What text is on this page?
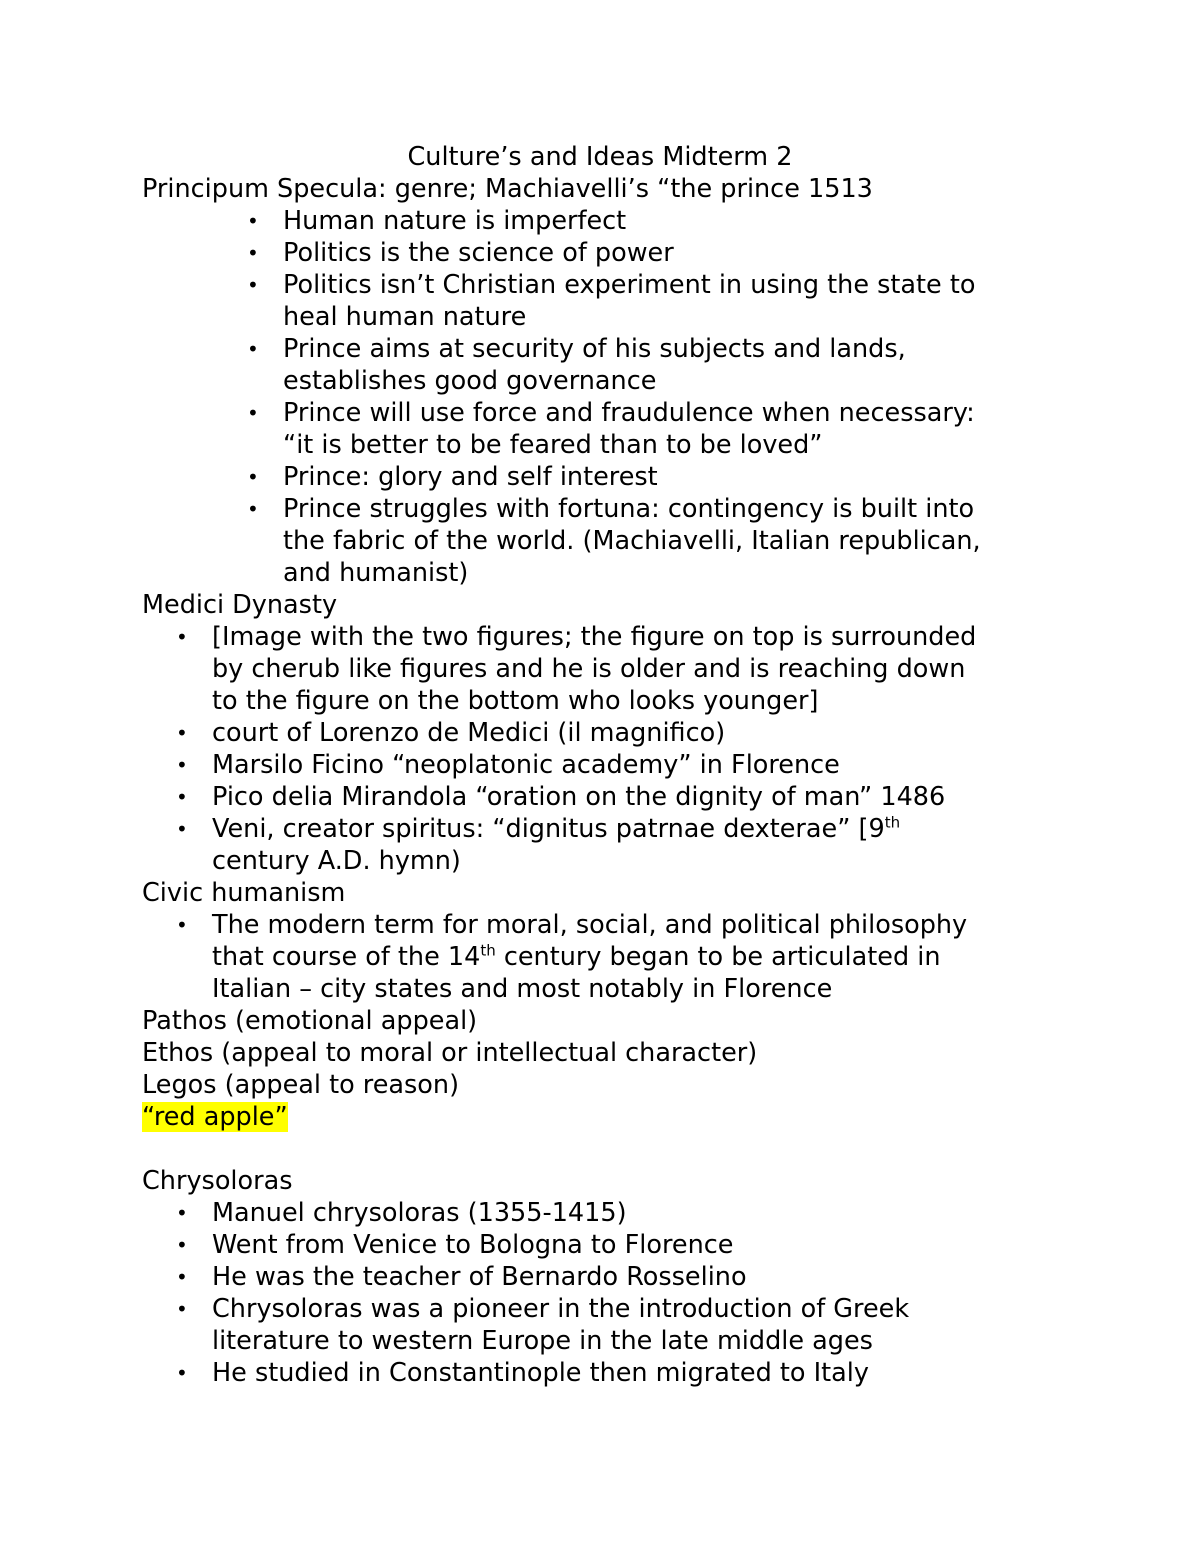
Culture’s and Ideas Midterm 2
Principum Specula: genre; Machiavelli’s “the prince 1513
• Human nature is imperfect
• Politics is the science of power
• Politics isn’t Christian experiment in using the state to
heal human nature
• Prince aims at security of his subjects and lands,
establishes good governance
• Prince will use force and fraudulence when necessary:
“it is better to be feared than to be loved”
• Prince: glory and self interest
• Prince struggles with fortuna: contingency is built into
the fabric of the world. (Machiavelli, Italian republican,
and humanist)
Medici Dynasty
• [Image with the two figures; the figure on top is surrounded
by cherub like figures and he is older and is reaching down
to the figure on the bottom who looks younger]
• court of Lorenzo de Medici (il magnifico)
• Marsilo Ficino “neoplatonic academy” in Florence
• Pico delia Mirandola “oration on the dignity of man” 1486
• Veni, creator spiritus: “dignitus patrnae dexterae” [9th
century A.D. hymn)
Civic humanism
• The modern term for moral, social, and political philosophy
that course of the 14th century began to be articulated in
Italian – city states and most notably in Florence
Pathos (emotional appeal)
Ethos (appeal to moral or intellectual character)
Legos (appeal to reason)
“red apple”
Chrysoloras
• Manuel chrysoloras (1355-1415)
• Went from Venice to Bologna to Florence
• He was the teacher of Bernardo Rosselino
• Chrysoloras was a pioneer in the introduction of Greek
literature to western Europe in the late middle ages
• He studied in Constantinople then migrated to Italy
